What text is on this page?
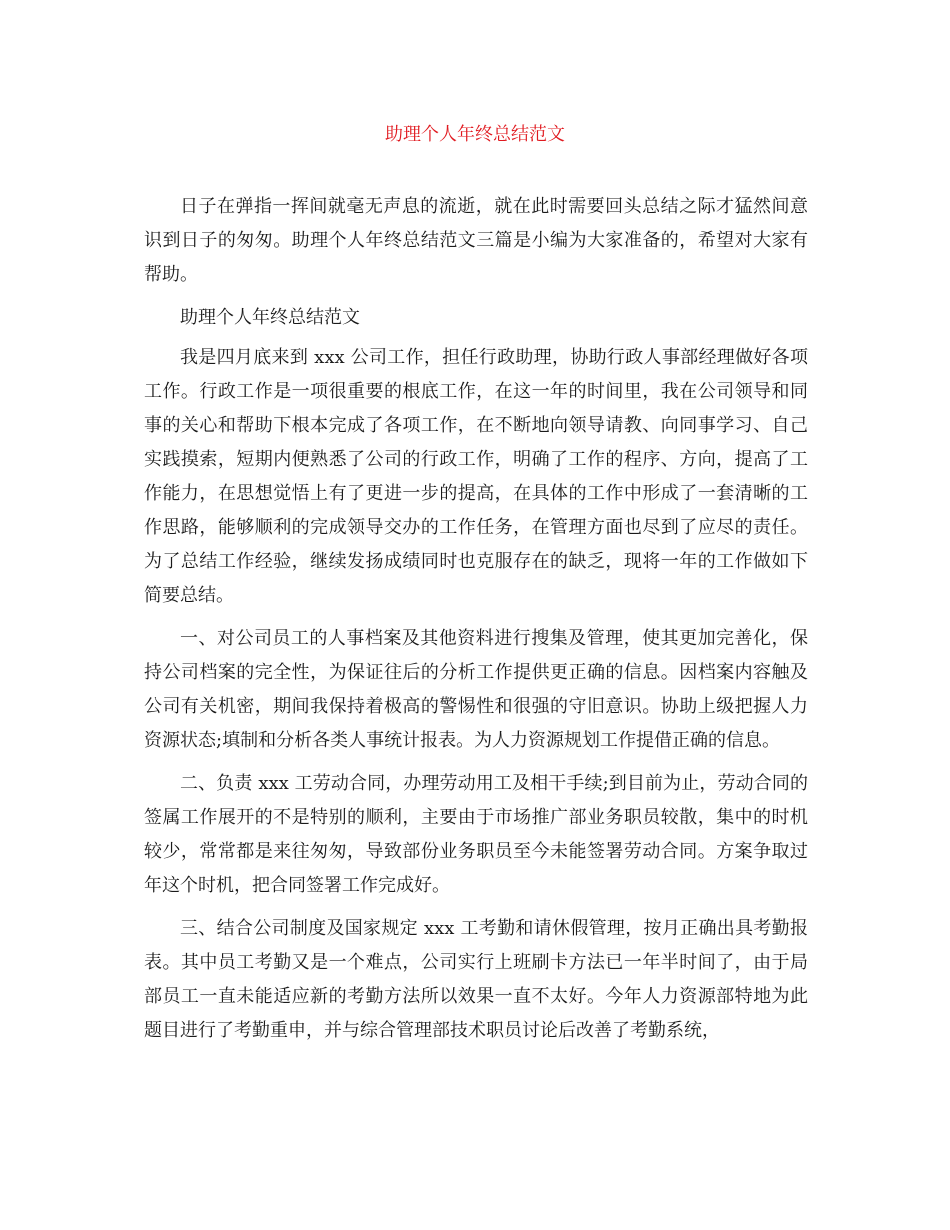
助理个人年终总结范文

日子在弹指一挥间就毫无声息的流逝，就在此时需要回头总结之际才猛然间意识到日子的匆匆。助理个人年终总结范文三篇是小编为大家准备的，希望对大家有帮助。

助理个人年终总结范文

我是四月底来到 xxx 公司工作，担任行政助理，协助行政人事部经理做好各项工作。行政工作是一项很重要的根底工作，在这一年的时间里，我在公司领导和同事的关心和帮助下根本完成了各项工作，在不断地向领导请教、向同事学习、自己实践摸索，短期内便熟悉了公司的行政工作，明确了工作的程序、方向，提高了工作能力，在思想觉悟上有了更进一步的提高，在具体的工作中形成了一套清晰的工作思路，能够顺利的完成领导交办的工作任务，在管理方面也尽到了应尽的责任。为了总结工作经验，继续发扬成绩同时也克服存在的缺乏，现将一年的工作做如下简要总结。

一、对公司员工的人事档案及其他资料进行搜集及管理，使其更加完善化，保持公司档案的完全性，为保证往后的分析工作提供更正确的信息。因档案内容触及公司有关机密，期间我保持着极高的警惕性和很强的守旧意识。协助上级把握人力资源状态;填制和分析各类人事统计报表。为人力资源规划工作提借正确的信息。

二、负责 xxx 工劳动合同，办理劳动用工及相干手续;到目前为止，劳动合同的签属工作展开的不是特别的顺利，主要由于市场推广部业务职员较散，集中的时机较少，常常都是来往匆匆，导致部份业务职员至今未能签署劳动合同。方案争取过年这个时机，把合同签署工作完成好。

三、结合公司制度及国家规定 xxx 工考勤和请休假管理，按月正确出具考勤报表。其中员工考勤又是一个难点，公司实行上班刷卡方法已一年半时间了，由于局部员工一直未能适应新的考勤方法所以效果一直不太好。今年人力资源部特地为此题目进行了考勤重申，并与综合管理部技术职员讨论后改善了考勤系统，
